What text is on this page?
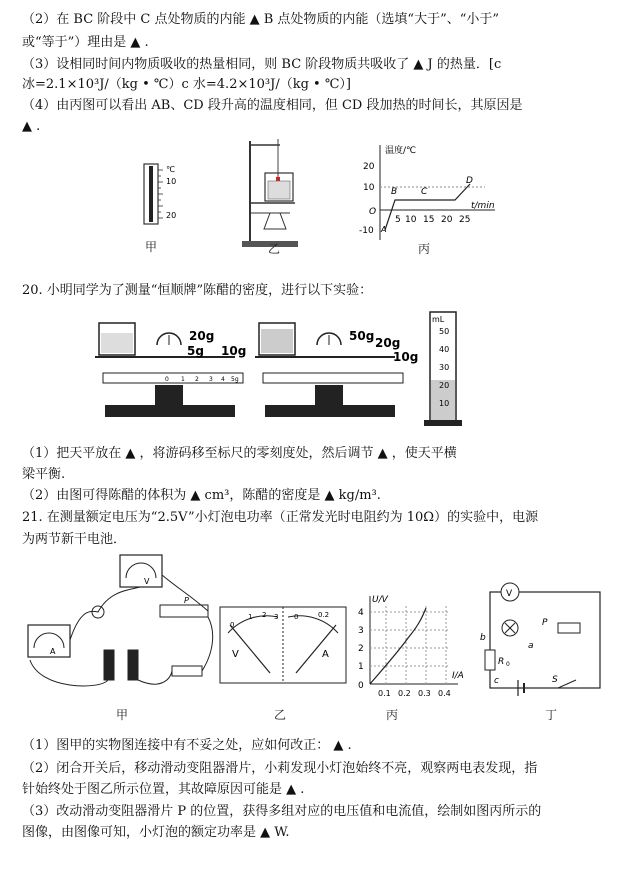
（2）在 BC 阶段中 C 点处物质的内能 ▲ B 点处物质的内能（选填“大于”、“小于”
或“等于”）理由是 ▲ .
（3）设相同时间内物质吸收的热量相同，则 BC 阶段物质共吸收了 ▲ J 的热量．[c
冰=2.1×10³J/（kg • ℃）c 水=4.2×10³J/（kg • ℃）]
（4）由丙图可以看出 AB、CD 段升高的温度相同，但 CD 段加热的时间长，其原因是
▲ .
℃
10
20
甲	乙
温度/℃
t/min
20
10
O
-10 A
B	C
D
5 10 15 20 25
丙
20. 小明同学为了测量“恒顺牌”陈醋的密度，进行以下实验：
20g
5g 10g
0 1 2 3 4 5g
50g 20g
10g
mL
50
40
30
20
10
（1）把天平放在 ▲ ，将游码移至标尺的零刻度处，然后调节 ▲ ，使天平横
梁平衡.
（2）由图可得陈醋的体积为 ▲ cm³，陈醋的密度是 ▲ kg/m³.
21. 在测量额定电压为“2.5V”小灯泡电功率（正常发光时电阻约为 10Ω）的实验中，电源
为两节新干电池．
V
A
P
0
1 2 3 0	0.2
V	A
U/V
I/A
4
3
2
1
0
0.1 0.2 0.3 0.4
V
P
a
b
R 0
c	S
甲	乙	丙	丁
（1）图甲的实物图连接中有不妥之处，应如何改正： ▲ .
（2）闭合开关后，移动滑动变阻器滑片，小莉发现小灯泡始终不亮，观察两电表发现，指
针始终处于图乙所示位置，其故障原因可能是 ▲ .
（3）改动滑动变阻器滑片 P 的位置，获得多组对应的电压值和电流值，绘制如图丙所示的
图像，由图像可知，小灯泡的额定功率是 ▲ W.
